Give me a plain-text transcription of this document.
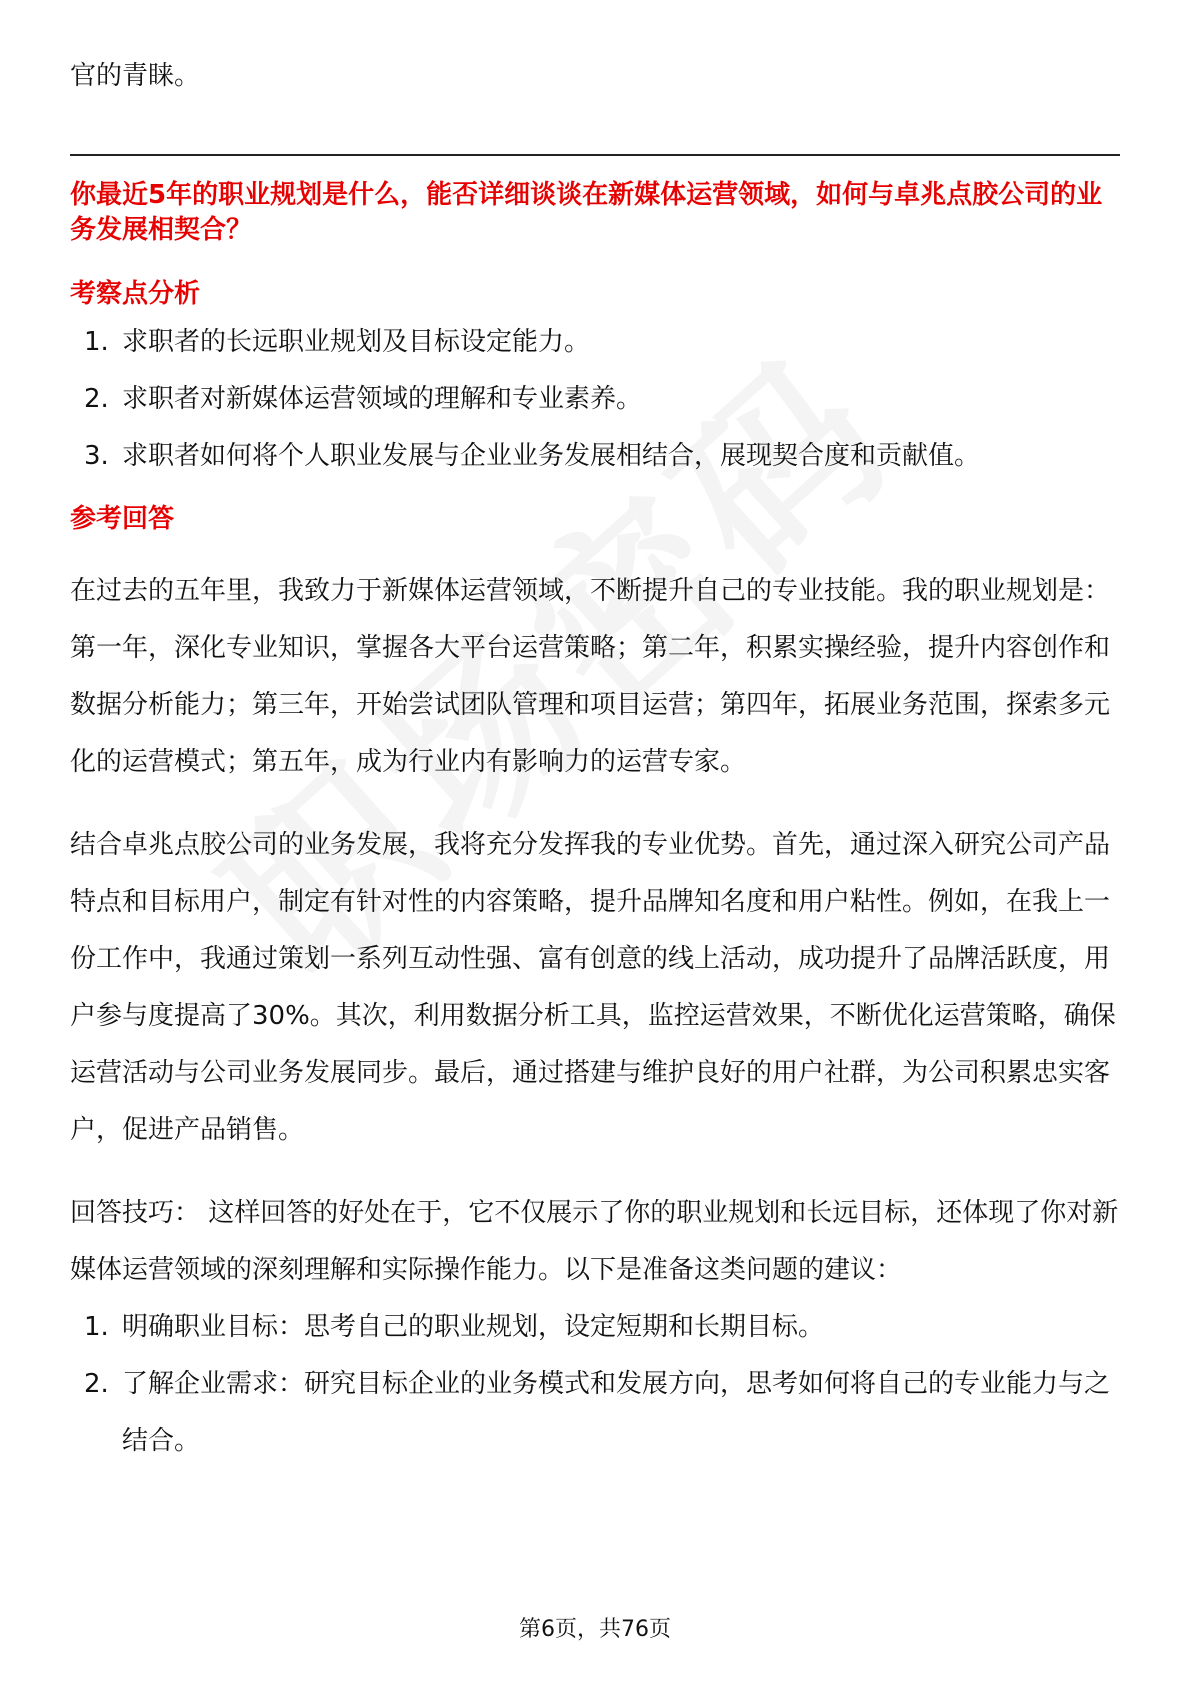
官的青睐。

你最近5年的职业规划是什么，能否详细谈谈在新媒体运营领域，如何与卓兆点胶公司的业务发展相契合？

考察点分析

1. 求职者的长远职业规划及目标设定能力。
2. 求职者对新媒体运营领域的理解和专业素养。
3. 求职者如何将个人职业发展与企业业务发展相结合，展现契合度和贡献值。

参考回答

在过去的五年里，我致力于新媒体运营领域，不断提升自己的专业技能。我的职业规划是：第一年，深化专业知识，掌握各大平台运营策略；第二年，积累实操经验，提升内容创作和数据分析能力；第三年，开始尝试团队管理和项目运营；第四年，拓展业务范围，探索多元化的运营模式；第五年，成为行业内有影响力的运营专家。

结合卓兆点胶公司的业务发展，我将充分发挥我的专业优势。首先，通过深入研究公司产品特点和目标用户，制定有针对性的内容策略，提升品牌知名度和用户粘性。例如，在我上一份工作中，我通过策划一系列互动性强、富有创意的线上活动，成功提升了品牌活跃度，用户参与度提高了30%。其次，利用数据分析工具，监控运营效果，不断优化运营策略，确保运营活动与公司业务发展同步。最后，通过搭建与维护良好的用户社群，为公司积累忠实客户，促进产品销售。

回答技巧： 这样回答的好处在于，它不仅展示了你的职业规划和长远目标，还体现了你对新媒体运营领域的深刻理解和实际操作能力。以下是准备这类问题的建议：

1. 明确职业目标：思考自己的职业规划，设定短期和长期目标。
2. 了解企业需求：研究目标企业的业务模式和发展方向，思考如何将自己的专业能力与之结合。
第6页，共76页
